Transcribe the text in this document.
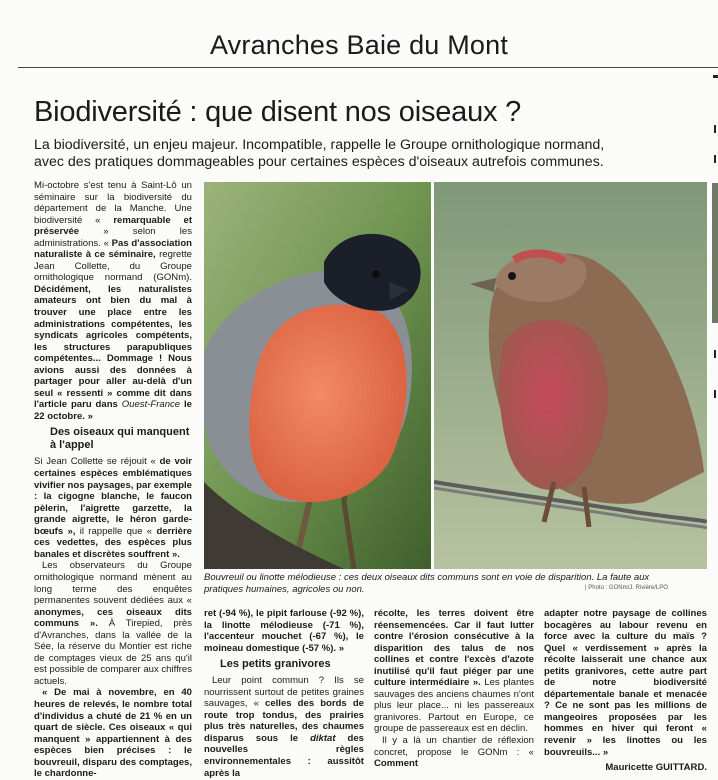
Avranches Baie du Mont
Biodiversité : que disent nos oiseaux ?
La biodiversité, un enjeu majeur. Incompatible, rappelle le Groupe ornithologique normand, avec des pratiques dommageables pour certaines espèces d'oiseaux autrefois communes.

Mi-octobre s'est tenu à Saint-Lô un séminaire sur la biodiversité du département de la Manche. Une biodiversité « remarquable et préservée » selon les administrations. « Pas d'association naturaliste à ce séminaire, regrette Jean Collette, du Groupe ornithologique normand (GONm). Décidément, les naturalistes amateurs ont bien du mal à trouver une place entre les administrations compétentes, les syndicats agricoles compétents, les structures parapubliques compétentes... Dommage ! Nous avions aussi des données à partager pour aller au-delà d'un seul « ressenti » comme dit dans l'article paru dans Ouest-France le 22 octobre. »

Des oiseaux qui manquent à l'appel

Si Jean Collette se réjouit « de voir certaines espèces emblématiques vivifier nos paysages, par exemple : la cigogne blanche, le faucon pèlerin, l'aigrette garzette, la grande aigrette, le héron garde-bœufs », il rappelle que « derrière ces vedettes, des espèces plus banales et discrètes souffrent ».

Les observateurs du Groupe ornithologique normand mènent au long terme des enquêtes permanentes souvent dédiées aux « anonymes, ces oiseaux dits communs ». À Tirepied, près d'Avranches, dans la vallée de la Sée, la réserve du Montier est riche de comptages vieux de 25 ans qu'il est possible de comparer aux chiffres actuels.

« De mai à novembre, en 40 heures de relevés, le nombre total d'individus a chuté de 21 % en un quart de siècle. Ces oiseaux « qui manquent » appartiennent à des espèces bien précises : le bouvreuil, disparu des comptages, le chardonne-

Bouvreuil ou linotte mélodieuse : ces deux oiseaux dits communs sont en voie de disparition. La faute aux pratiques humaines, agricoles ou non.	| Photo : GONm/J. Rivière/LPO

ret (-94 %), le pipit farlouse (-92 %), la linotte mélodieuse (-71 %), l'accenteur mouchet (-67 %), le moineau domestique (-57 %). »

Les petits granivores

Leur point commun ? Ils se nourrissent surtout de petites graines sauvages, « celles des bords de route trop tondus, des prairies plus très naturelles, des chaumes disparus sous le diktat des nouvelles règles environnementales : aussitôt après la

récolte, les terres doivent être réensemencées. Car il faut lutter contre l'érosion consécutive à la disparition des talus de nos collines et contre l'excès d'azote inutilisé qu'il faut piéger par une culture intermédiaire ». Les plantes sauvages des anciens chaumes n'ont plus leur place... ni les passereaux granivores. Partout en Europe, ce groupe de passereaux est en déclin.

Il y a là un chantier de réflexion concret, propose le GONm : « Comment

adapter notre paysage de collines bocagères au labour revenu en force avec la culture du maïs ? Quel « verdissement » après la récolte laisserait une chance aux petits granivores, cette autre part de notre biodiversité départementale banale et menacée ? Ce ne sont pas les millions de mangeoires proposées par les hommes en hiver qui feront « revenir » les linottes ou les bouvreuils... »

Mauricette GUITTARD.
